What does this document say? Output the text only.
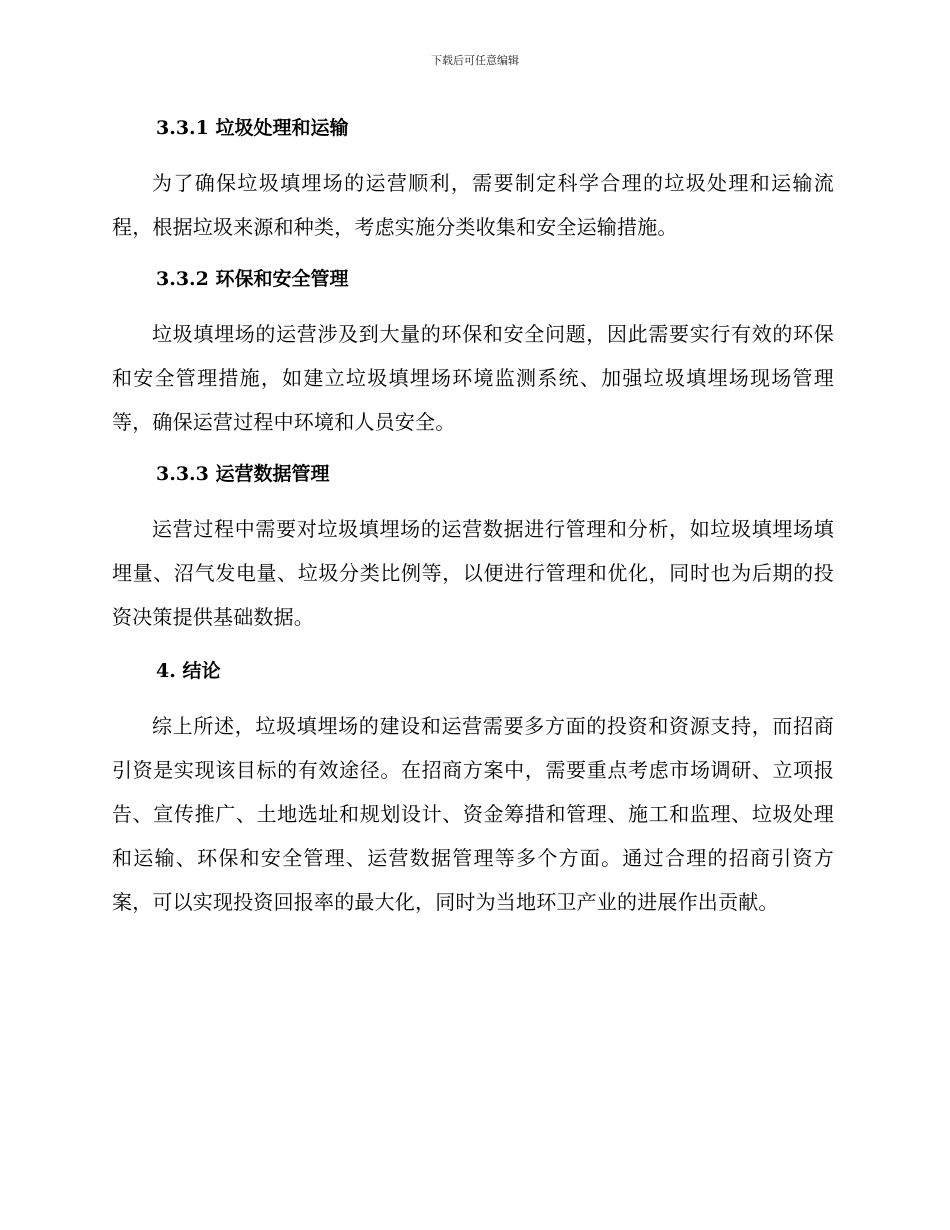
下载后可任意编辑
3.3.1 垃圾处理和运输

为了确保垃圾填埋场的运营顺利，需要制定科学合理的垃圾处理和运输流程，根据垃圾来源和种类，考虑实施分类收集和安全运输措施。

3.3.2 环保和安全管理

垃圾填埋场的运营涉及到大量的环保和安全问题，因此需要实行有效的环保和安全管理措施，如建立垃圾填埋场环境监测系统、加强垃圾填埋场现场管理等，确保运营过程中环境和人员安全。

3.3.3 运营数据管理

运营过程中需要对垃圾填埋场的运营数据进行管理和分析，如垃圾填埋场填埋量、沼气发电量、垃圾分类比例等，以便进行管理和优化，同时也为后期的投资决策提供基础数据。

4. 结论

综上所述，垃圾填埋场的建设和运营需要多方面的投资和资源支持，而招商引资是实现该目标的有效途径。在招商方案中，需要重点考虑市场调研、立项报告、宣传推广、土地选址和规划设计、资金筹措和管理、施工和监理、垃圾处理和运输、环保和安全管理、运营数据管理等多个方面。通过合理的招商引资方案，可以实现投资回报率的最大化，同时为当地环卫产业的进展作出贡献。
